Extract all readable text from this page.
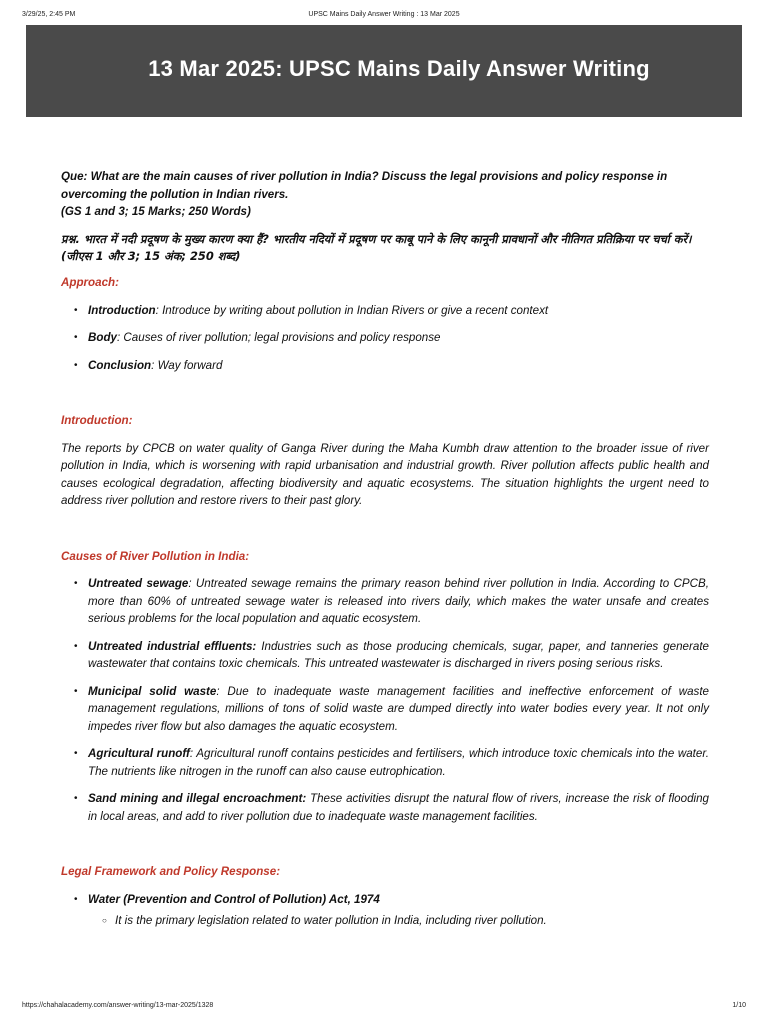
3/29/25, 2:45 PM	UPSC Mains Daily Answer Writing : 13 Mar 2025
13 Mar 2025: UPSC Mains Daily Answer Writing

Que: What are the main causes of river pollution in India? Discuss the legal provisions and policy response in overcoming the pollution in Indian rivers.

(GS 1 and 3; 15 Marks; 250 Words)

प्रश्न. भारत में नदी प्रदूषण के मुख्य कारण क्या हैं? भारतीय नदियों में प्रदूषण पर काबू पाने के लिए कानूनी प्रावधानों और नीतिगत प्रतिक्रिया पर चर्चा करें।

(जीएस 1 और 3; 15 अंक; 250 शब्द)

Approach:

• Introduction: Introduce by writing about pollution in Indian Rivers or give a recent context
• Body: Causes of river pollution; legal provisions and policy response
• Conclusion: Way forward

Introduction:

The reports by CPCB on water quality of Ganga River during the Maha Kumbh draw attention to the broader issue of river pollution in India, which is worsening with rapid urbanisation and industrial growth. River pollution affects public health and causes ecological degradation, affecting biodiversity and aquatic ecosystems. The situation highlights the urgent need to address river pollution and restore rivers to their past glory.

Causes of River Pollution in India:

• Untreated sewage: Untreated sewage remains the primary reason behind river pollution in India. According to CPCB, more than 60% of untreated sewage water is released into rivers daily, which makes the water unsafe and creates serious problems for the local population and aquatic ecosystem.
• Untreated industrial effluents: Industries such as those producing chemicals, sugar, paper, and tanneries generate wastewater that contains toxic chemicals. This untreated wastewater is discharged in rivers posing serious risks.
• Municipal solid waste: Due to inadequate waste management facilities and ineffective enforcement of waste management regulations, millions of tons of solid waste are dumped directly into water bodies every year. It not only impedes river flow but also damages the aquatic ecosystem.
• Agricultural runoff: Agricultural runoff contains pesticides and fertilisers, which introduce toxic chemicals into the water. The nutrients like nitrogen in the runoff can also cause eutrophication.
• Sand mining and illegal encroachment: These activities disrupt the natural flow of rivers, increase the risk of flooding in local areas, and add to river pollution due to inadequate waste management facilities.

Legal Framework and Policy Response:

• Water (Prevention and Control of Pollution) Act, 1974
○ It is the primary legislation related to water pollution in India, including river pollution.
https://chahalacademy.com/answer-writing/13-mar-2025/1328	1/10
